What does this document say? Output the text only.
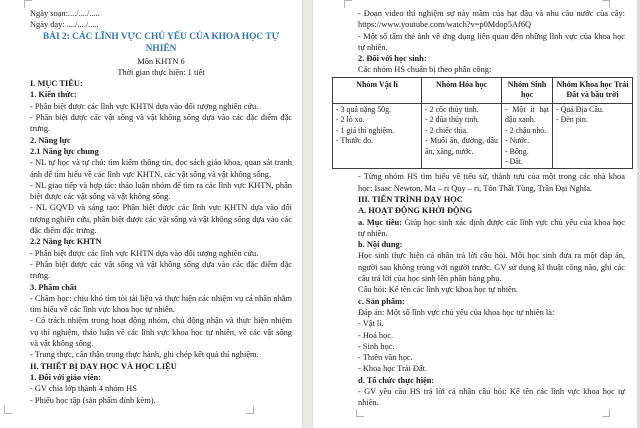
Ngày soạn:..../..../.....

Ngày dạy: ..../..../.....

BÀI 2: CÁC LĨNH VỰC CHỦ YẾU CỦA KHOA HỌC TỰ NHIÊN

Môn KHTN 6

Thời gian thực hiện: 1 tiết

I. MỤC TIÊU:

1. Kiến thức:

- Phân biệt được các lĩnh vực KHTN dựa vào đối tượng nghiên cứu.

- Phân biệt được các vật sống và vật không sống dựa vào các đặc điểm đặc trưng.

2. Năng lực

2.1 Năng lực chung

- NL tự học và tự chủ: tìm kiếm thông tin, đọc sách giáo khoa, quan sát tranh ảnh để tìm hiểu về các lĩnh vực KHTN, các vật sống và vật không sống.

- NL giao tiếp và hợp tác: thảo luận nhóm để tìm ra các lĩnh vực KHTN, phân biệt được các vật sống và vật không sống.

- NL GQVĐ và sáng tạo: Phân biệt được các lĩnh vực KHTN dựa vào đối tượng nghiên cứu, phân biệt được các vật sống và vật không sống dựa vào các đặc điểm đặc trưng.

2.2 Năng lực KHTN

- Phân biệt được các lĩnh vực KHTN dựa vào đối tượng nghiên cứu.

- Phân biệt được các vật sống và vật không sống dựa vào các đặc điểm đặc trưng.

3. Phẩm chất

- Chăm học: chịu khó tìm tòi tài liệu và thực hiện các nhiệm vụ cá nhân nhằm tìm hiểu về các lĩnh vực khoa học tự nhiên.

- Có trách nhiệm trong hoạt động nhóm, chủ động nhận và thực hiện nhiệm vụ thí nghiệm, thảo luận về các lĩnh vực khoa học tự nhiên, về các vật sống và vật không sống.

- Trung thực, cẩn thận trong thực hành, ghi chép kết quả thí nghiệm.

II. THIẾT BỊ DẠY HỌC VÀ HỌC LIỆU

1. Đối với giáo viên:

- GV chia lớp thành 4 nhóm HS

- Phiếu học tập (sản phẩm đính kèm).

- Đoạn video thí nghiệm sự nảy mầm của hạt đậu và nhu cầu nước của cây: https://www.youtube.com/watch?v=p0Mdop5Af6Q

- Một số tấm thẻ ảnh về ứng dụng liên quan đến những lĩnh vực của khoa học tự nhiên.

2. Đối với học sinh:

Các nhóm HS chuẩn bị theo phân công:

Nhóm Vật lí	Nhóm Hóa học	Nhóm Sinh học	Nhóm Khoa học Trái Đất và bầu trời

- 3 quả nặng 50g.
- 2 lò xo.
- 1 giá thí nghiệm.
- Thước đo.	- 2 cốc thủy tinh.
- 2 đũa thủy tinh.
- 2 chiếc thìa.
- Muối ăn, đường, dầu ăn, xăng, nước.	- Một ít hạt đậu xanh.
- 2 chậu nhỏ.
- Nước.
- Bông.
- Đất.	- Quả Địa Cầu.
- Đèn pin.

- Từng nhóm HS tìm hiểu về tiểu sử, thành tựu của một trong các nhà khoa học: Isaac Newton, Ma – ri Quy – ri, Tôn Thất Tùng, Trần Đại Nghĩa.

III. TIẾN TRÌNH DẠY HỌC

A. HOẠT ĐỘNG KHỞI ĐỘNG

a. Mục tiêu: Giúp học sinh xác định được các lĩnh vực chủ yếu của khoa học tự nhiên.

b. Nội dung:

Học sinh thực hiện cá nhân trả lời câu hỏi. Mỗi học sinh đưa ra một đáp án, người sau không trùng với người trước. GV sử dụng kĩ thuật công não, ghi các câu trả lời của học sinh lên phần bảng phụ.

Câu hỏi: Kể tên các lĩnh vực khoa học tự nhiên.

c. Sản phẩm:

Đáp án: Một số lĩnh vực chủ yếu của khoa học tự nhiên là:

- Vật lí.

- Hoá học.

- Sinh học.

- Thiên văn học.

- Khoa học Trái Đất.

d. Tổ chức thực hiện:

- GV yêu cầu HS trả lời cá nhân câu hỏi: Kể tên các lĩnh vực khoa học tự nhiên.
